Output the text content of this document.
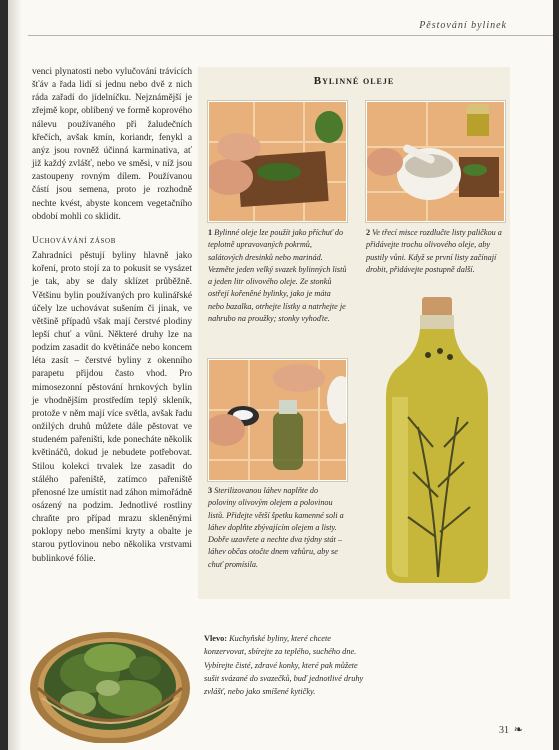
Pěstování bylinek

venci plynatosti nebo vylučování trávicích šťáv a řada lidí si jednu nebo dvě z nich ráda zařadí do jídelníčku. Nejznámější je zřejmě kopr, oblíbený ve formě koprového nálevu používaného při žaludečních křečích, avšak kmín, koriandr, fenykl a anýz jsou rovněž účinná karminativa, ať již každý zvlášť, nebo ve směsi, v níž jsou zastoupeny rovným dílem. Používanou částí jsou semena, proto je rozhodně nechte kvést, abyste koncem vegetačního období mohli co sklidit.

Uchovávání zásob

Zahradníci pěstují byliny hlavně jako koření, proto stojí za to pokusit se vysázet je tak, aby se daly sklízet průběžně. Většinu bylin používaných pro kulinářské účely lze uchovávat sušením či jinak, ve většině případů však mají čerstvé plodiny lepší chuť a vůni. Některé druhy lze na podzim zasadit do květináče nebo koncem léta zasít – čerstvé byliny z okenního parapetu přijdou často vhod. Pro mimosezonní pěstování hrnkových bylin je vhodnějším prostředím teplý skleník, protože v něm mají více světla, avšak řadu onžilých druhů můžete dále pěstovat ve studeném pařeništi, kde poneсháte několik květináčů, dokud je nebudete potřebovat. Stilou kolekci trvalek lze zasadit do stálého pařeniště, zatímco pařeniště přenosné lze umístit nad záhon mimořádně osázený na podzim. Jednotlivé rostliny chraňte pro případ mrazu skleněnými poklopy nebo menšími kryty a obalte je starou pytlovinou nebo několika vrstvami bublinkové fólie.

Bylinné oleje
1 Bylinné oleje lze použít jako příchuť do teplotně upravovaných pokrmů, salátových dresinků nebo marinád. Vezměte jeden velký svazek bylinných listů a jeden litr olivového oleje. Ze stonků ostřejí kořeněné bylinky, jako je máta nebo bazalka, otrhejte lístky a natrhejte je nahrubo na proužky; stonky vyhoďte.
2 Ve třecí misce rozdlučte listy paličkou a přidávejte trochu olivového oleje, aby pustily vůni. Když se první listy začínají drobit, přidávejte postupně další.
3 Sterilizovanou láhev naplňte do poloviny olivovým olejem a polovinou listů. Přidejte větší špetku kamenné soli a láhev doplňte zbývajícím olejem a listy. Dobře uzavřete a nechte dva týdny stát – láhev občas otočte dnem vzhůru, aby se chuť promísila.
Vlevo: Kuchyňské byliny, které chcete konzervovat, sbírejte za teplého, suchého dne. Vybírejte čisté, zdravé konky, které pak můžete sušit svázané do svazečků, buď jednotlivé druhy zvlášť, nebo jako smíšené kytičky.
31 ❧
